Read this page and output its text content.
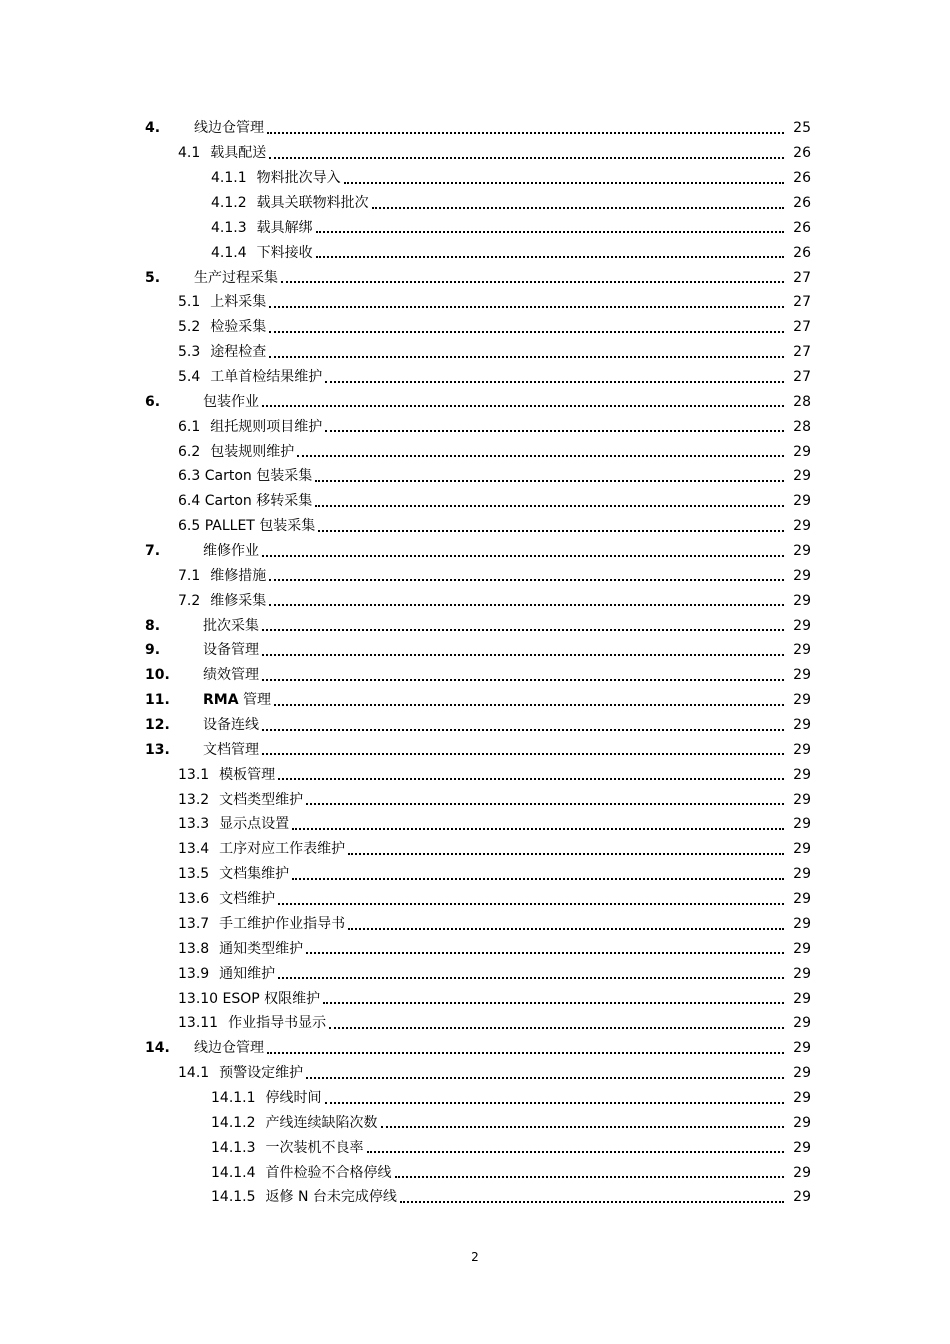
4. 线边仓管理	25
4.1 载具配送	26
4.1.1 物料批次导入	26
4.1.2 载具关联物料批次	26
4.1.3 载具解绑	26
4.1.4 下料接收	26
5. 生产过程采集	27
5.1 上料采集	27
5.2 检验采集	27
5.3 途程检查	27
5.4 工单首检结果维护	27
6.	包装作业	28
6.1 组托规则项目维护	28
6.2 包装规则维护	29
6.3 Carton 包装采集	29
6.4 Carton 移转采集	29
6.5 PALLET 包装采集	29
7.	维修作业	29
7.1 维修措施	29
7.2 维修采集	29
8.	批次采集	29
9.	设备管理	29
10. 绩效管理	29
11. RMA 管理	29
12. 设备连线	29
13. 文档管理	29
13.1 模板管理	29
13.2 文档类型维护	29
13.3 显示点设置	29
13.4 工序对应工作表维护	29
13.5 文档集维护	29
13.6 文档维护	29
13.7 手工维护作业指导书	29
13.8 通知类型维护	29
13.9 通知维护	29
13.10 ESOP 权限维护	29
13.11 作业指导书显示	29
14. 线边仓管理	29
14.1 预警设定维护	29
14.1.1 停线时间	29
14.1.2 产线连续缺陷次数	29
14.1.3 一次装机不良率	29
14.1.4 首件检验不合格停线	29
14.1.5 返修 N 台未完成停线	29
2
